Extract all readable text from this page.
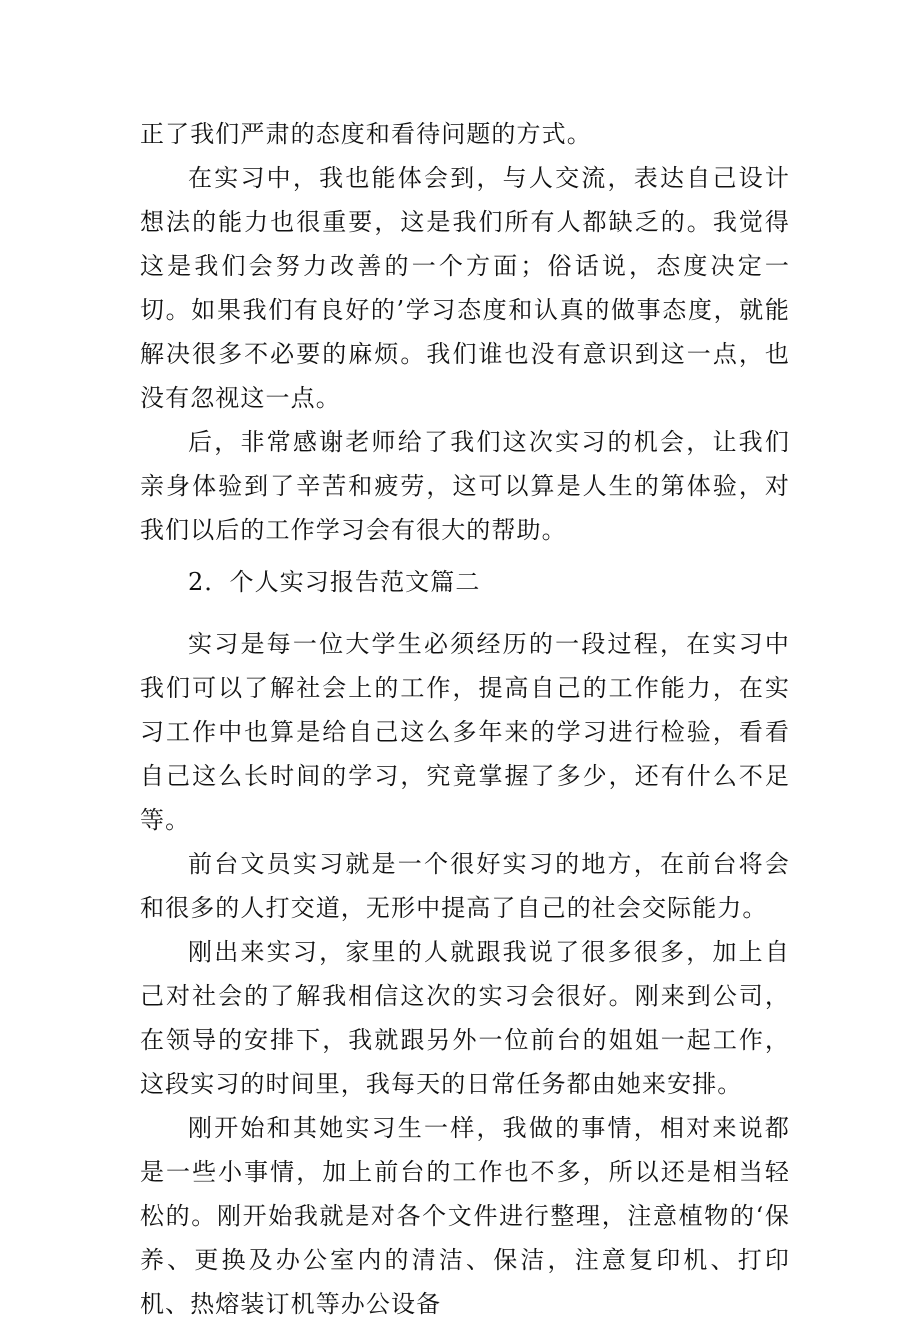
正了我们严肃的态度和看待问题的方式。

在实习中，我也能体会到，与人交流，表达自己设计想法的能力也很重要，这是我们所有人都缺乏的。我觉得这是我们会努力改善的一个方面；俗话说，态度决定一切。如果我们有良好的’学习态度和认真的做事态度，就能解决很多不必要的麻烦。我们谁也没有意识到这一点，也没有忽视这一点。

后，非常感谢老师给了我们这次实习的机会，让我们亲身体验到了辛苦和疲劳，这可以算是人生的第体验，对我们以后的工作学习会有很大的帮助。

2．个人实习报告范文篇二

实习是每一位大学生必须经历的一段过程，在实习中我们可以了解社会上的工作，提高自己的工作能力，在实习工作中也算是给自己这么多年来的学习进行检验，看看自己这么长时间的学习，究竟掌握了多少，还有什么不足等。

前台文员实习就是一个很好实习的地方，在前台将会和很多的人打交道，无形中提高了自己的社会交际能力。

刚出来实习，家里的人就跟我说了很多很多，加上自己对社会的了解我相信这次的实习会很好。刚来到公司，在领导的安排下，我就跟另外一位前台的姐姐一起工作，这段实习的时间里，我每天的日常任务都由她来安排。

刚开始和其她实习生一样，我做的事情，相对来说都是一些小事情，加上前台的工作也不多，所以还是相当轻松的。刚开始我就是对各个文件进行整理，注意植物的‘保养、更换及办公室内的清洁、保洁，注意复印机、打印机、热熔装订机等办公设备
